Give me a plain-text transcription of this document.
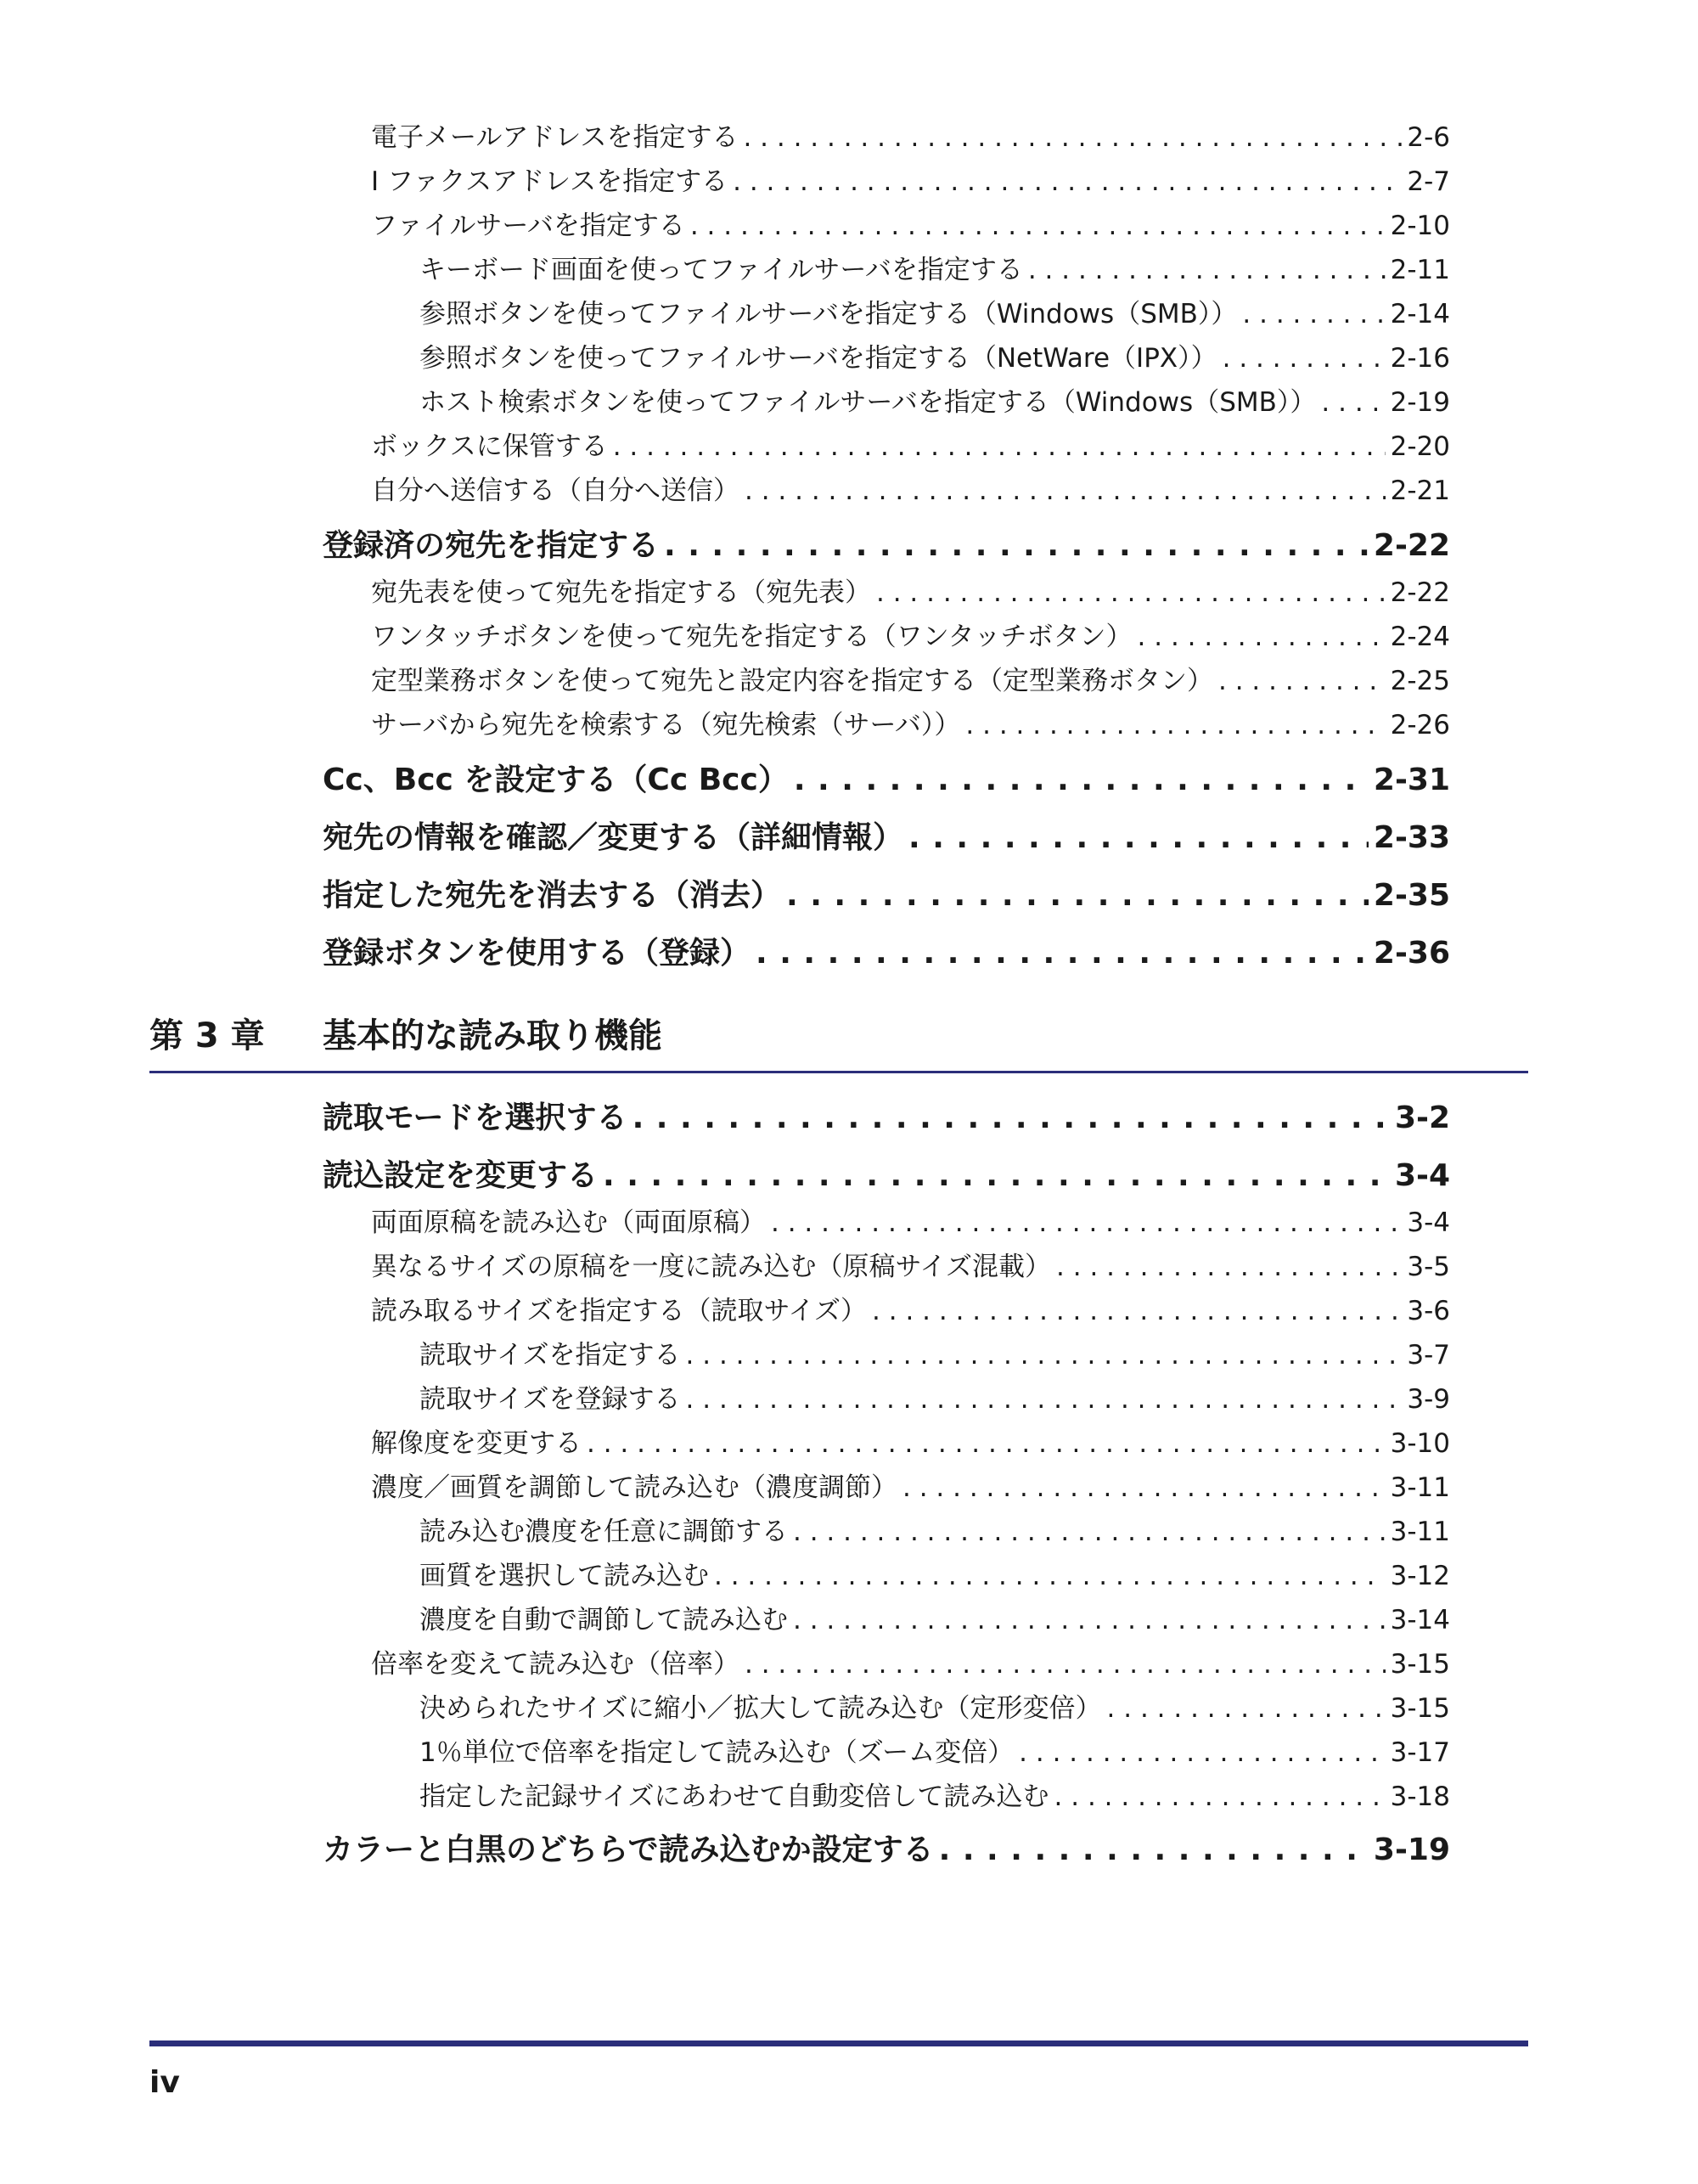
電子メールアドレスを指定する . . .	2-6
I ファクスアドレスを指定する . . .	2-7
ファイルサーバを指定する . . .	2-10
キーボード画面を使ってファイルサーバを指定する . . .	2-11
参照ボタンを使ってファイルサーバを指定する（Windows（SMB）） . . .	2-14
参照ボタンを使ってファイルサーバを指定する（NetWare（IPX）） . . .	2-16
ホスト検索ボタンを使ってファイルサーバを指定する（Windows（SMB）） . . .	2-19
ボックスに保管する . . .	2-20
自分へ送信する（自分へ送信） . . .	2-21
登録済の宛先を指定する . . .	2-22
宛先表を使って宛先を指定する（宛先表） . . .	2-22
ワンタッチボタンを使って宛先を指定する（ワンタッチボタン） . . .	2-24
定型業務ボタンを使って宛先と設定内容を指定する（定型業務ボタン） . . .	2-25
サーバから宛先を検索する（宛先検索（サーバ）） . . .	2-26
Cc、Bcc を設定する（Cc Bcc） . . .	2-31
宛先の情報を確認／変更する（詳細情報） . . .	2-33
指定した宛先を消去する（消去） . . .	2-35
登録ボタンを使用する（登録） . . .	2-36
第 3 章 基本的な読み取り機能
読取モードを選択する . . .	3-2
読込設定を変更する . . .	3-4
両面原稿を読み込む（両面原稿） . . .	3-4
異なるサイズの原稿を一度に読み込む（原稿サイズ混載） . . .	3-5
読み取るサイズを指定する（読取サイズ） . . .	3-6
読取サイズを指定する . . .	3-7
読取サイズを登録する . . .	3-9
解像度を変更する . . .	3-10
濃度／画質を調節して読み込む（濃度調節） . . .	3-11
読み込む濃度を任意に調節する . . .	3-11
画質を選択して読み込む . . .	3-12
濃度を自動で調節して読み込む . . .	3-14
倍率を変えて読み込む（倍率） . . .	3-15
決められたサイズに縮小／拡大して読み込む（定形変倍） . . .	3-15
1％単位で倍率を指定して読み込む（ズーム変倍） . . .	3-17
指定した記録サイズにあわせて自動変倍して読み込む . . .	3-18
カラーと白黒のどちらで読み込むか設定する . . .	3-19
iv
